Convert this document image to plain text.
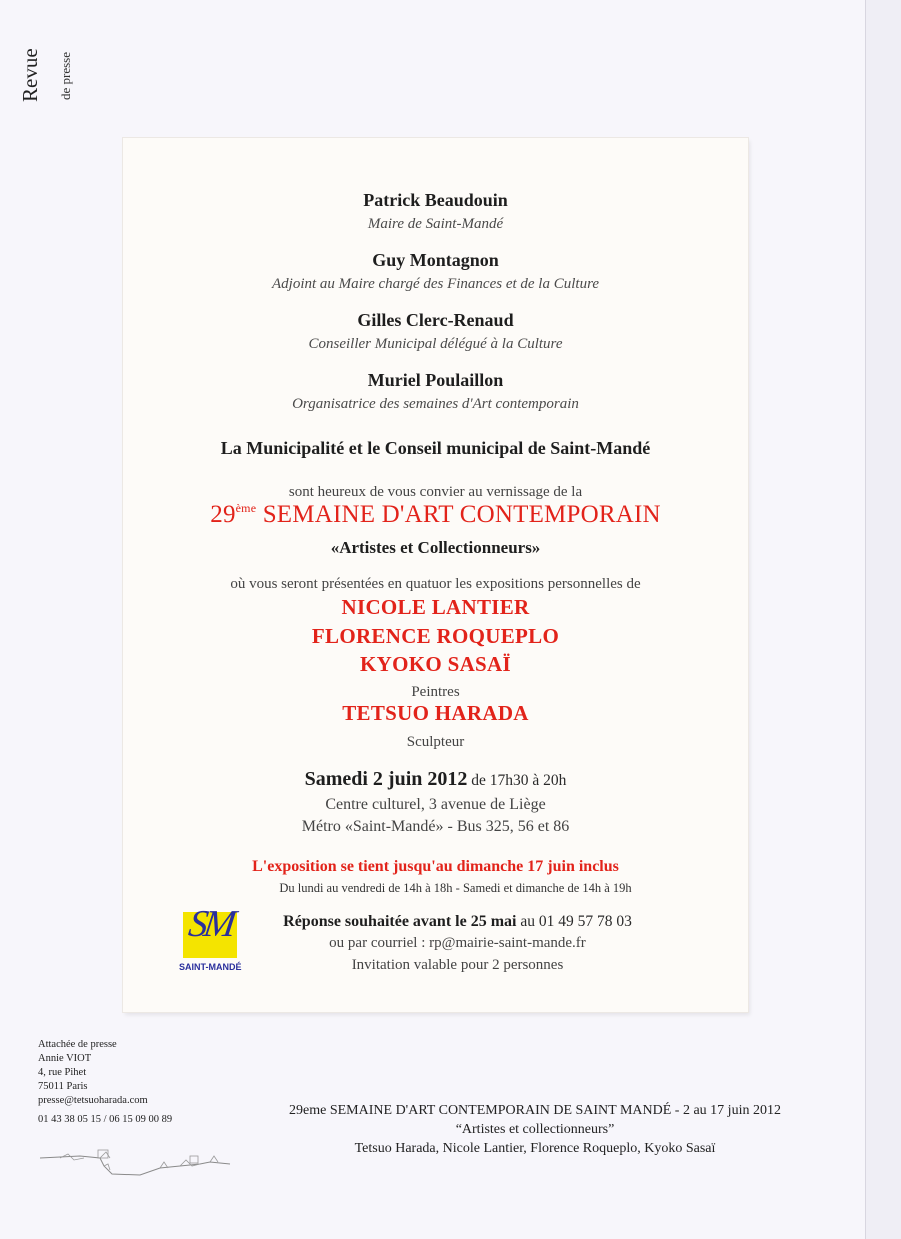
Revue de presse
Patrick Beaudouin
Maire de Saint-Mandé
Guy Montagnon
Adjoint au Maire chargé des Finances et de la Culture
Gilles Clerc-Renaud
Conseiller Municipal délégué à la Culture
Muriel Poulaillon
Organisatrice des semaines d'Art contemporain
La Municipalité et le Conseil municipal de Saint-Mandé
sont heureux de vous convier au vernissage de la
29ème SEMAINE D'ART CONTEMPORAIN
«Artistes et Collectionneurs»
où vous seront présentées en quatuor les expositions personnelles de
NICOLE LANTIER
FLORENCE ROQUEPLO
KYOKO SASAÏ
Peintres
TETSUO HARADA
Sculpteur
Samedi 2 juin 2012 de 17h30 à 20h
Centre culturel, 3 avenue de Liège
Métro «Saint-Mandé» - Bus 325, 56 et 86
L'exposition se tient jusqu'au dimanche 17 juin inclus
Du lundi au vendredi de 14h à 18h - Samedi et dimanche de 14h à 19h
SM
SAINT-MANDÉ
Réponse souhaitée avant le 25 mai au 01 49 57 78 03
ou par courriel : rp@mairie-saint-mande.fr
Invitation valable pour 2 personnes
Attachée de presse
Annie VIOT
4, rue Pihet
75011 Paris
presse@tetsuoharada.com
01 43 38 05 15 / 06 15 09 00 89
29eme SEMAINE D'ART CONTEMPORAIN DE SAINT MANDÉ - 2 au 17 juin 2012
“Artistes et collectionneurs”
Tetsuo Harada, Nicole Lantier, Florence Roqueplo, Kyoko Sasaï
